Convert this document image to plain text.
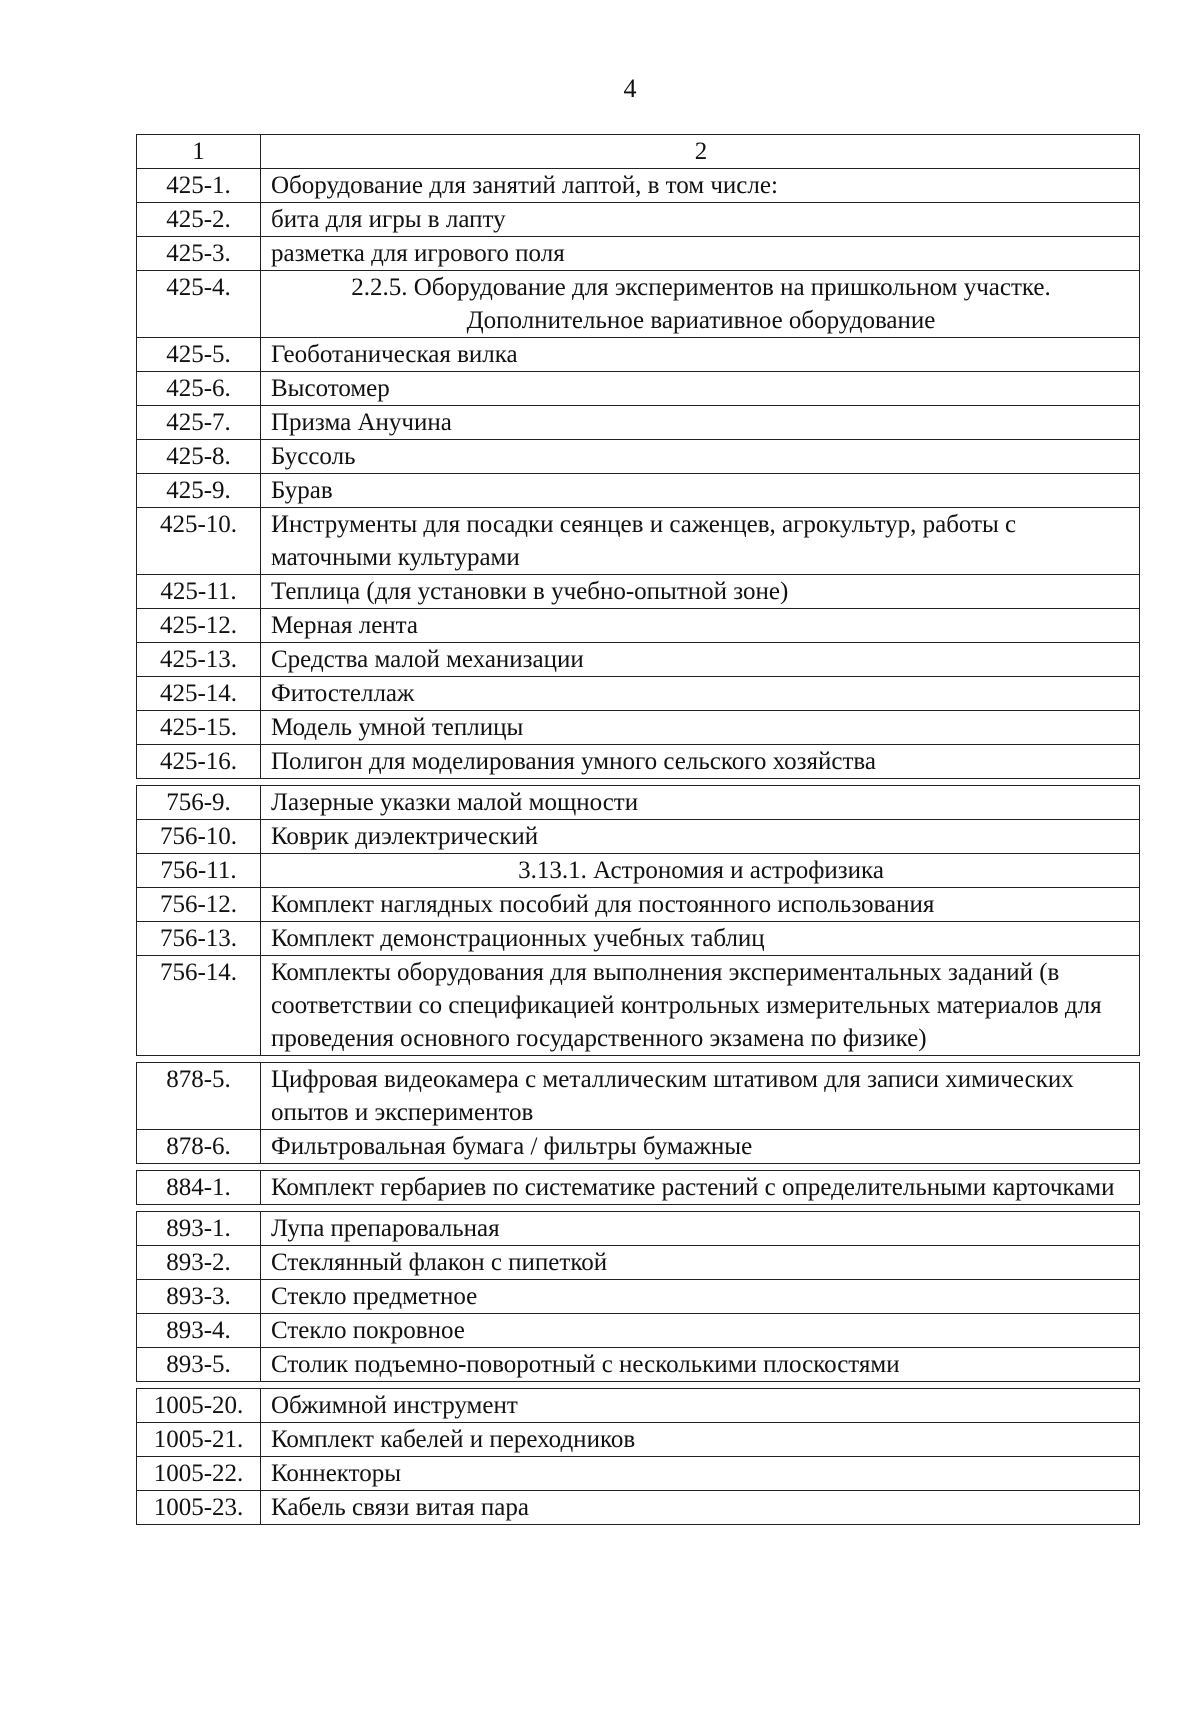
4
1	2
425-1.	Оборудование для занятий лаптой, в том числе:
425-2.	бита для игры в лапту
425-3.	разметка для игрового поля
425-4.	2.2.5. Оборудование для экспериментов на пришкольном участке. Дополнительное вариативное оборудование
425-5.	Геоботаническая вилка
425-6.	Высотомер
425-7.	Призма Анучина
425-8.	Буссоль
425-9.	Бурав
425-10.	Инструменты для посадки сеянцев и саженцев, агрокультур, работы с маточными культурами
425-11.	Теплица (для установки в учебно-опытной зоне)
425-12.	Мерная лента
425-13.	Средства малой механизации
425-14.	Фитостеллаж
425-15.	Модель умной теплицы
425-16.	Полигон для моделирования умного сельского хозяйства
756-9.	Лазерные указки малой мощности
756-10.	Коврик диэлектрический
756-11.	3.13.1. Астрономия и астрофизика
756-12.	Комплект наглядных пособий для постоянного использования
756-13.	Комплект демонстрационных учебных таблиц
756-14.	Комплекты оборудования для выполнения экспериментальных заданий (в соответствии со спецификацией контрольных измерительных материалов для проведения основного государственного экзамена по физике)
878-5.	Цифровая видеокамера с металлическим штативом для записи химических опытов и экспериментов
878-6.	Фильтровальная бумага / фильтры бумажные
884-1.	Комплект гербариев по систематике растений с определительными карточками
893-1.	Лупа препаровальная
893-2.	Стеклянный флакон с пипеткой
893-3.	Стекло предметное
893-4.	Стекло покровное
893-5.	Столик подъемно-поворотный с несколькими плоскостями
1005-20.	Обжимной инструмент
1005-21.	Комплект кабелей и переходников
1005-22.	Коннекторы
1005-23.	Кабель связи витая пара
